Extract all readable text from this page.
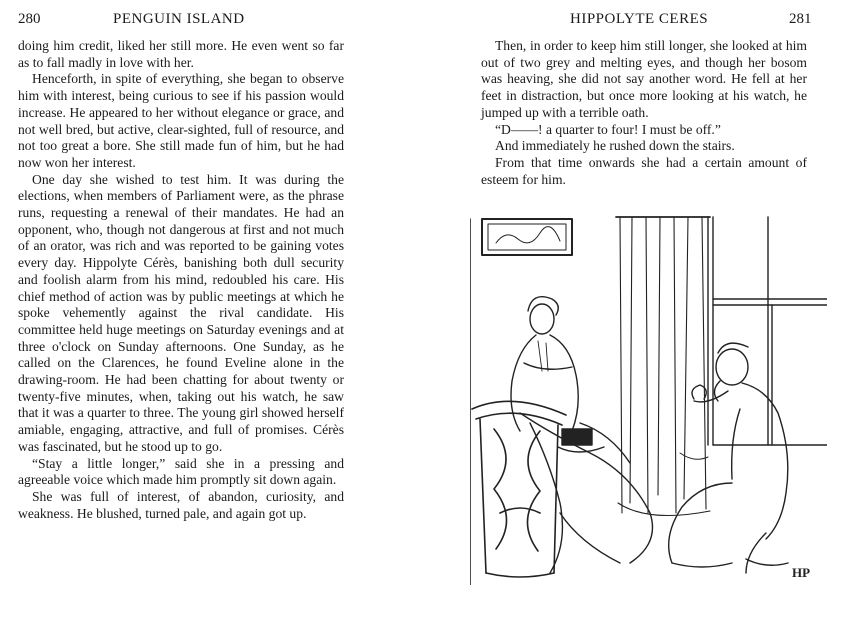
280	PENGUIN ISLAND

doing him credit, liked her still more. He even went so far as to fall madly in love with her.

Henceforth, in spite of everything, she began to observe him with interest, being curious to see if his passion would increase. He appeared to her without elegance or grace, and not well bred, but active, clear-sighted, full of resource, and not too great a bore. She still made fun of him, but he had now won her interest.

One day she wished to test him. It was during the elections, when members of Parliament were, as the phrase runs, requesting a renewal of their mandates. He had an opponent, who, though not dangerous at first and not much of an orator, was rich and was reported to be gaining votes every day. Hippolyte Cérès, banishing both dull security and foolish alarm from his mind, redoubled his care. His chief method of action was by public meetings at which he spoke vehemently against the rival candidate. His committee held huge meetings on Saturday evenings and at three o'clock on Sunday afternoons. One Sunday, as he called on the Clarences, he found Eveline alone in the drawing-room. He had been chatting for about twenty or twenty-five minutes, when, taking out his watch, he saw that it was a quarter to three. The young girl showed herself amiable, engaging, attractive, and full of promises. Cérès was fascinated, but he stood up to go.

“Stay a little longer,” said she in a pressing and agreeable voice which made him promptly sit down again.

She was full of interest, of abandon, curiosity, and weakness. He blushed, turned pale, and again got up.

HIPPOLYTE CERES	281

Then, in order to keep him still longer, she looked at him out of two grey and melting eyes, and though her bosom was heaving, she did not say another word. He fell at her feet in distraction, but once more looking at his watch, he jumped up with a terrible oath.

“D——! a quarter to four! I must be off.”

And immediately he rushed down the stairs.

From that time onwards she had a certain amount of esteem for him.

HP
